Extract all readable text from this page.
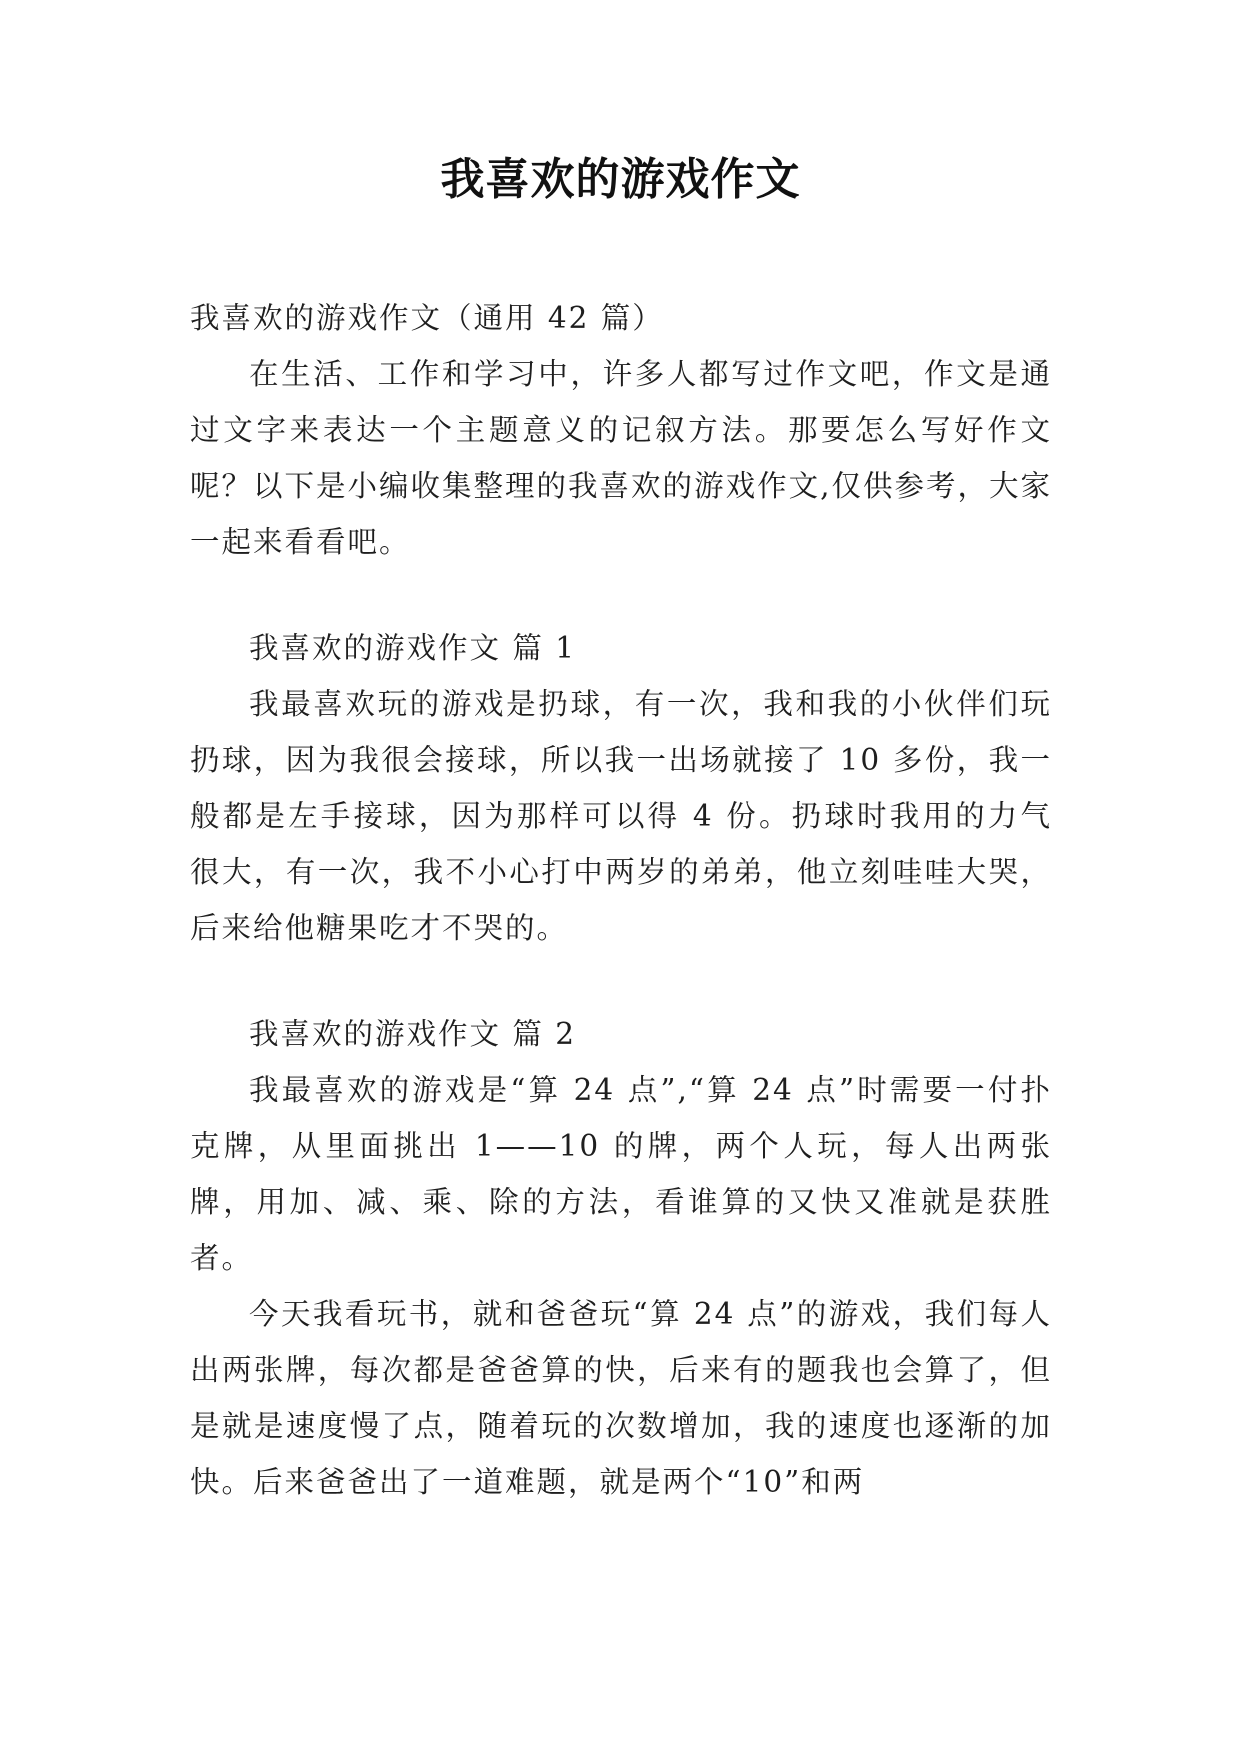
我喜欢的游戏作文

我喜欢的游戏作文（通用 42 篇）

在生活、工作和学习中，许多人都写过作文吧，作文是通过文字来表达一个主题意义的记叙方法。那要怎么写好作文呢？以下是小编收集整理的我喜欢的游戏作文,仅供参考，大家一起来看看吧。

我喜欢的游戏作文 篇 1

我最喜欢玩的游戏是扔球，有一次，我和我的小伙伴们玩扔球，因为我很会接球，所以我一出场就接了 10 多份，我一般都是左手接球，因为那样可以得 4 份。扔球时我用的力气很大，有一次，我不小心打中两岁的弟弟，他立刻哇哇大哭，后来给他糖果吃才不哭的。

我喜欢的游戏作文 篇 2

我最喜欢的游戏是“算 24 点”,“算 24 点”时需要一付扑克牌，从里面挑出 1——10 的牌，两个人玩，每人出两张牌，用加、减、乘、除的方法，看谁算的又快又准就是获胜者。

今天我看玩书，就和爸爸玩“算 24 点”的游戏，我们每人出两张牌，每次都是爸爸算的快，后来有的题我也会算了，但是就是速度慢了点，随着玩的次数增加，我的速度也逐渐的加快。后来爸爸出了一道难题，就是两个“10”和两
